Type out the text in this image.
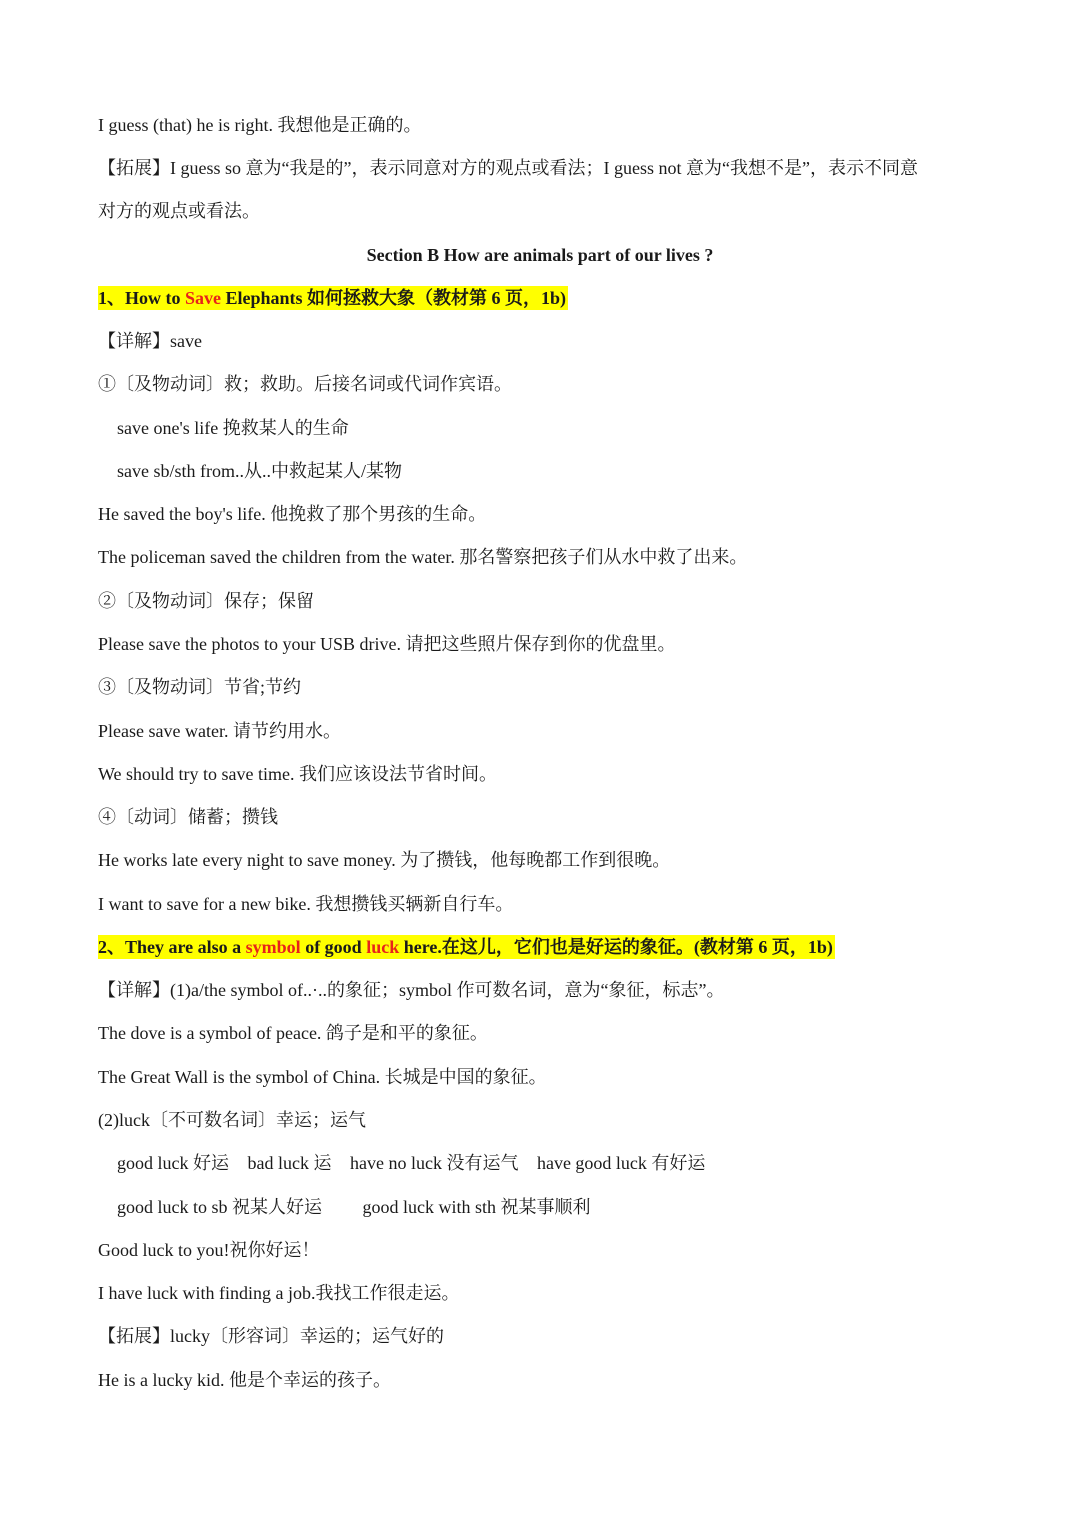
I guess (that) he is right. 我想他是正确的。
【拓展】I guess so 意为“我是的”，表示同意对方的观点或看法；I guess not 意为“我想不是”，表示不同意
对方的观点或看法。
Section B How are animals part of our lives ?
1、How to Save Elephants 如何拯救大象（教材第 6 页，1b)
【详解】save
①〔及物动词〕救；救助。后接名词或代词作宾语。
save one's life 挽救某人的生命
save sb/sth from..从..中救起某人/某物
He saved the boy's life. 他挽救了那个男孩的生命。
The policeman saved the children from the water. 那名警察把孩子们从水中救了出来。
②〔及物动词〕保存；保留
Please save the photos to your USB drive. 请把这些照片保存到你的优盘里。
③〔及物动词〕节省;节约
Please save water. 请节约用水。
We should try to save time. 我们应该设法节省时间。
④〔动词〕储蓄；攒钱
He works late every night to save money. 为了攒钱，他每晚都工作到很晚。
I want to save for a new bike. 我想攒钱买辆新自行车。
2、They are also a symbol of good luck here.在这儿，它们也是好运的象征。(教材第 6 页，1b)
【详解】(1)a/the symbol of..·..的象征；symbol 作可数名词，意为“象征，标志”。
The dove is a symbol of peace. 鸽子是和平的象征。
The Great Wall is the symbol of China. 长城是中国的象征。
(2)luck〔不可数名词〕幸运；运气
good luck 好运 bad luck 运 have no luck 没有运气 have good luck 有好运
good luck to sb 祝某人好运 good luck with sth 祝某事顺利
Good luck to you!祝你好运！
I have luck with finding a job.我找工作很走运。
【拓展】lucky〔形容词〕幸运的；运气好的
He is a lucky kid. 他是个幸运的孩子。
